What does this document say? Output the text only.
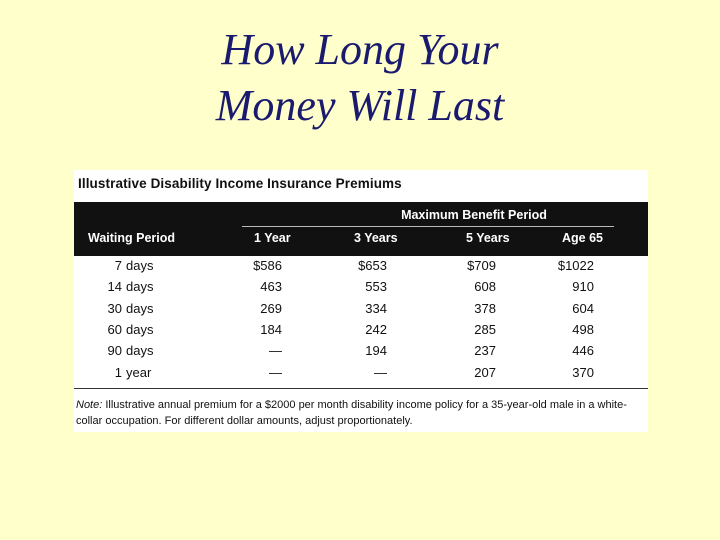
How Long Your
Money Will Last
Illustrative Disability Income Insurance Premiums
Maximum Benefit Period
Waiting Period	1 Year	3 Years	5 Years	Age 65
7 days	$586	$653	$709	$1022
14 days	463	553	608	910
30 days	269	334	378	604
60 days	184	242	285	498
90 days	—	194	237	446
1 year	—	—	207	370
Note: Illustrative annual premium for a $2000 per month disability income policy for a 35-year-old male in a white-collar occupation. For different dollar amounts, adjust proportionately.
